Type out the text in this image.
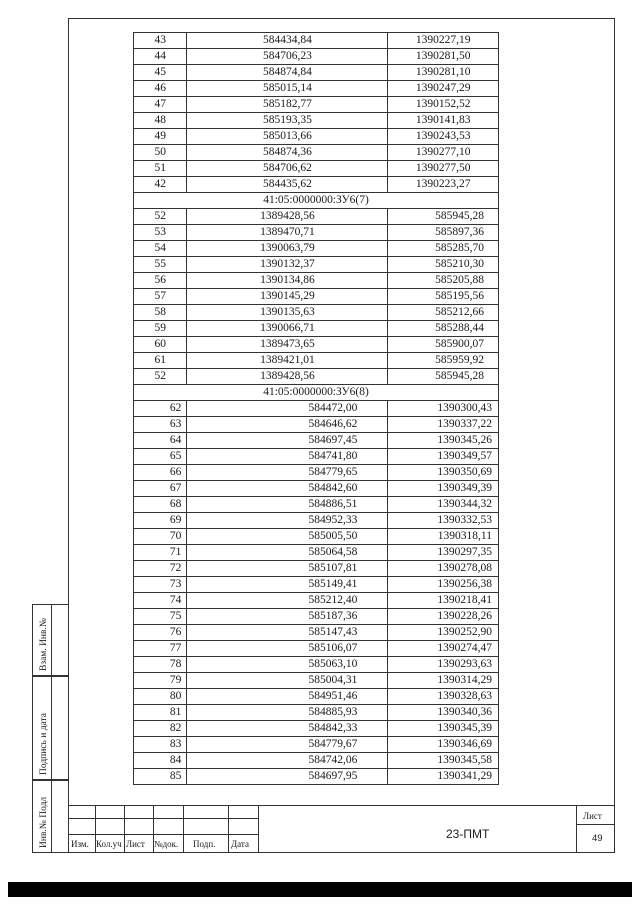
43	584434,84	1390227,19
44	584706,23	1390281,50
45	584874,84	1390281,10
46	585015,14	1390247,29
47	585182,77	1390152,52
48	585193,35	1390141,83
49	585013,66	1390243,53
50	584874,36	1390277,10
51	584706,62	1390277,50
42	584435,62	1390223,27
41:05:0000000:ЗУ6(7)		
52	1389428,56	585945,28
53	1389470,71	585897,36
54	1390063,79	585285,70
55	1390132,37	585210,30
56	1390134,86	585205,88
57	1390145,29	585195,56
58	1390135,63	585212,66
59	1390066,71	585288,44
60	1389473,65	585900,07
61	1389421,01	585959,92
52	1389428,56	585945,28
41:05:0000000:ЗУ6(8)		
62	584472,00	1390300,43
63	584646,62	1390337,22
64	584697,45	1390345,26
65	584741,80	1390349,57
66	584779,65	1390350,69
67	584842,60	1390349,39
68	584886,51	1390344,32
69	584952,33	1390332,53
70	585005,50	1390318,11
71	585064,58	1390297,35
72	585107,81	1390278,08
73	585149,41	1390256,38
74	585212,40	1390218,41
75	585187,36	1390228,26
76	585147,43	1390252,90
77	585106,07	1390274,47
78	585063,10	1390293,63
79	585004,31	1390314,29
80	584951,46	1390328,63
81	584885,93	1390340,36
82	584842,33	1390345,39
83	584779,67	1390346,69
84	584742,06	1390345,58
85	584697,95	1390341,29
Взам. Инв.№
Подпись и дата
Инв.№ Подл Изм. Кол.уч Лист №док. Подп. Дата
23-ПМТ
Лист
49
